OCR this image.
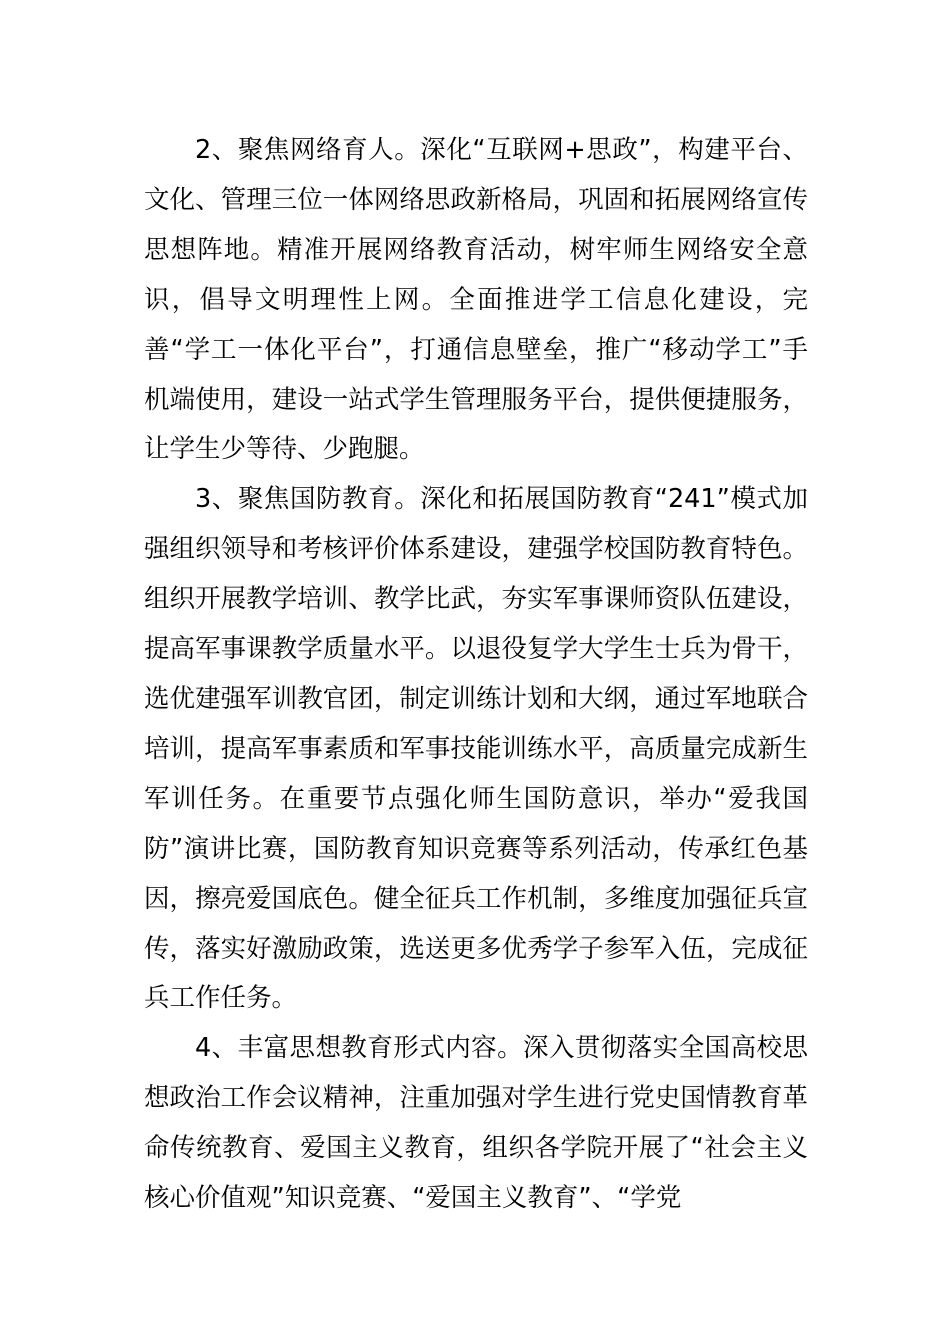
2、聚焦网络育人。深化“互联网+思政”，构建平台、文化、管理三位一体网络思政新格局，巩固和拓展网络宣传思想阵地。精准开展网络教育活动，树牢师生网络安全意识，倡导文明理性上网。全面推进学工信息化建设，完善“学工一体化平台”，打通信息壁垒，推广“移动学工”手机端使用，建设一站式学生管理服务平台，提供便捷服务，让学生少等待、少跑腿。

3、聚焦国防教育。深化和拓展国防教育“241”模式加强组织领导和考核评价体系建设，建强学校国防教育特色。组织开展教学培训、教学比武，夯实军事课师资队伍建设，提高军事课教学质量水平。以退役复学大学生士兵为骨干，选优建强军训教官团，制定训练计划和大纲，通过军地联合培训，提高军事素质和军事技能训练水平，高质量完成新生军训任务。在重要节点强化师生国防意识，举办“爱我国防”演讲比赛，国防教育知识竞赛等系列活动，传承红色基因，擦亮爱国底色。健全征兵工作机制，多维度加强征兵宣传，落实好激励政策，选送更多优秀学子参军入伍，完成征兵工作任务。

4、丰富思想教育形式内容。深入贯彻落实全国高校思想政治工作会议精神，注重加强对学生进行党史国情教育革命传统教育、爱国主义教育，组织各学院开展了“社会主义核心价值观”知识竞赛、“爱国主义教育”、“学党
